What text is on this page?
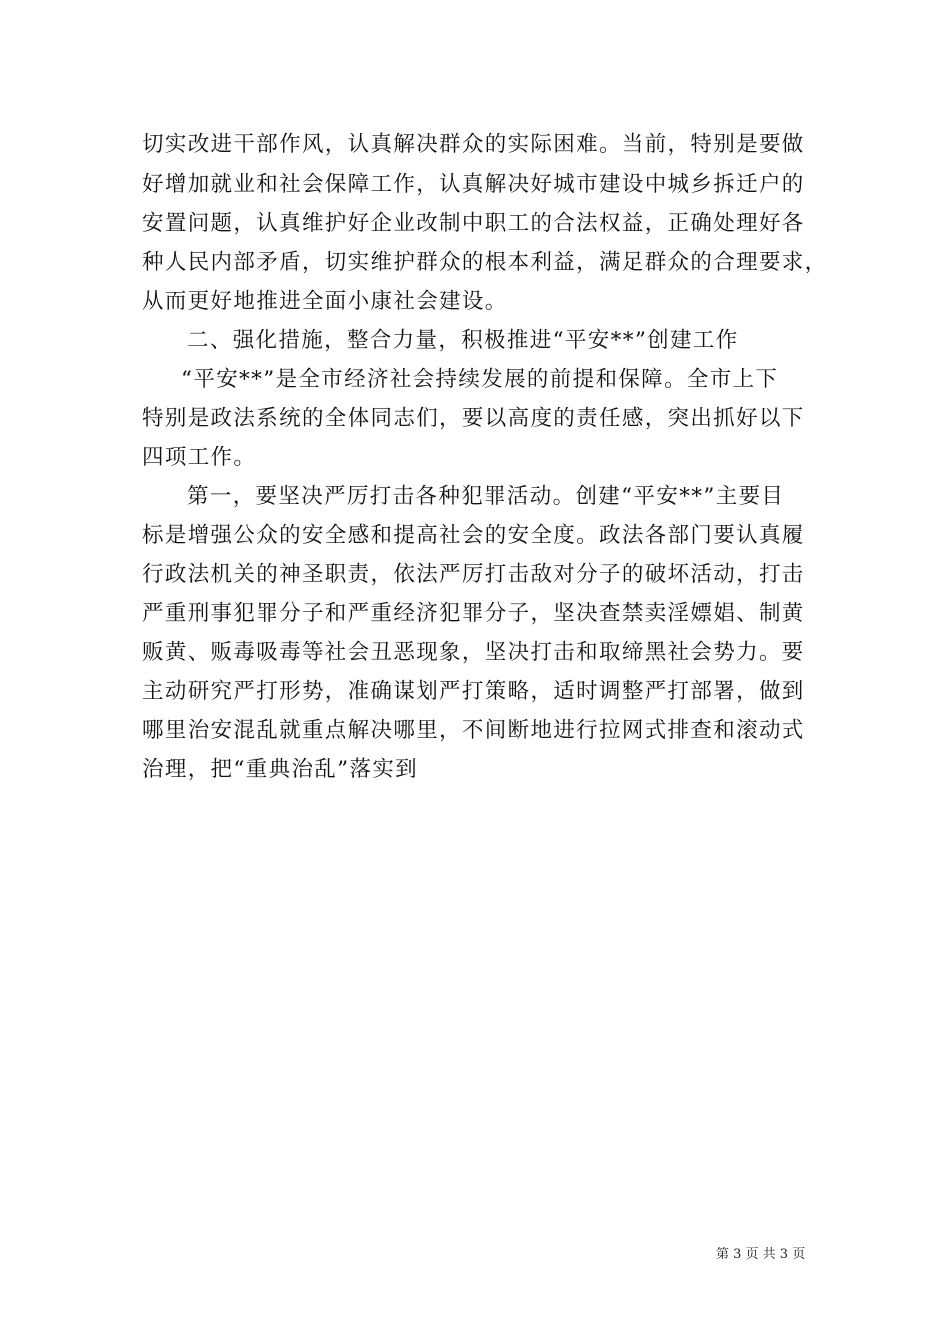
切实改进干部作风，认真解决群众的实际困难。当前，特别是要做
好增加就业和社会保障工作，认真解决好城市建设中城乡拆迁户的
安置问题，认真维护好企业改制中职工的合法权益，正确处理好各
种人民内部矛盾，切实维护群众的根本利益，满足群众的合理要求，
从而更好地推进全面小康社会建设。
二、强化措施，整合力量，积极推进“平安**”创建工作
“平安**”是全市经济社会持续发展的前提和保障。全市上下
特别是政法系统的全体同志们，要以高度的责任感，突出抓好以下
四项工作。
第一，要坚决严厉打击各种犯罪活动。创建“平安**”主要目
标是增强公众的安全感和提高社会的安全度。政法各部门要认真履
行政法机关的神圣职责，依法严厉打击敌对分子的破坏活动，打击
严重刑事犯罪分子和严重经济犯罪分子，坚决查禁卖淫嫖娼、制黄
贩黄、贩毒吸毒等社会丑恶现象，坚决打击和取缔黑社会势力。要
主动研究严打形势，准确谋划严打策略，适时调整严打部署，做到
哪里治安混乱就重点解决哪里，不间断地进行拉网式排查和滚动式
治理，把“重典治乱”落实到
第 3 页 共 3 页
